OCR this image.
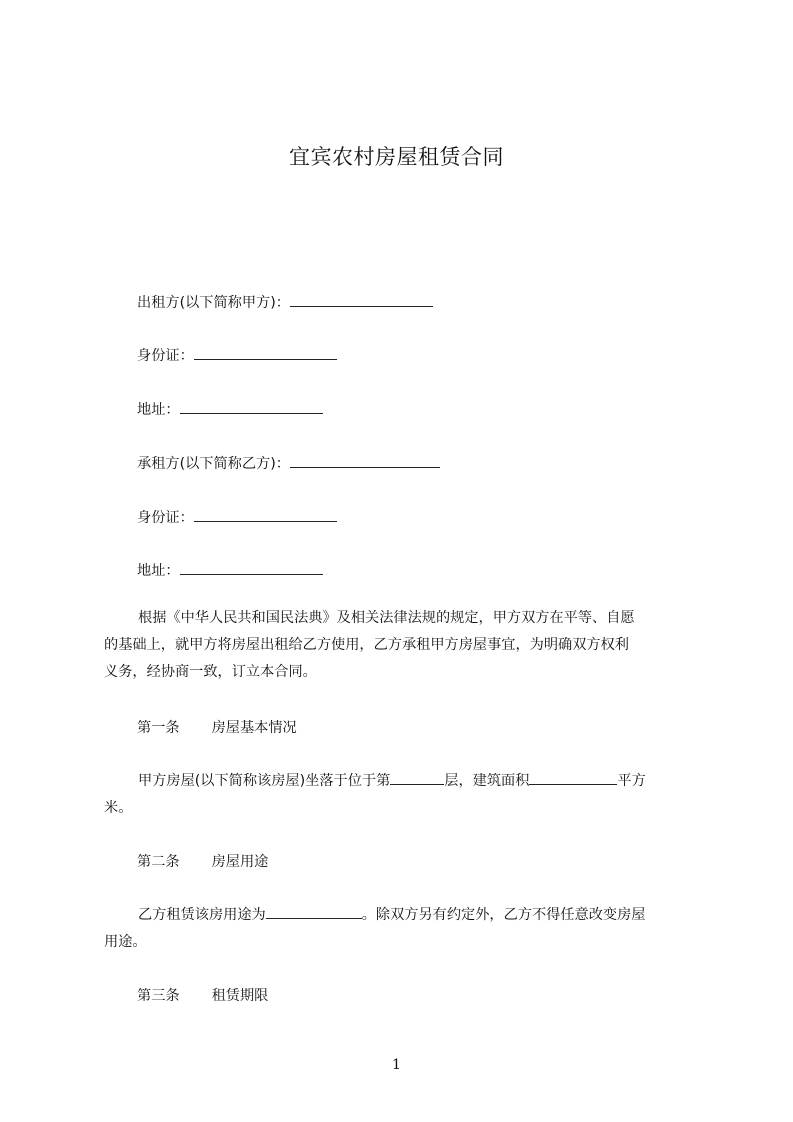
宜宾农村房屋租赁合同
出租方(以下简称甲方)：
身份证：
地址：
承租方(以下简称乙方)：
身份证：
地址：
根据《中华人民共和国民法典》及相关法律法规的规定，甲方双方在平等、自愿
的基础上，就甲方将房屋出租给乙方使用，乙方承租甲方房屋事宜，为明确双方权利
义务，经协商一致，订立本合同。
第一条 房屋基本情况
甲方房屋(以下简称该房屋)坐落于位于第	层，建筑面积	平方
米。
第二条 房屋用途
乙方租赁该房用途为	。除双方另有约定外，乙方不得任意改变房屋
用途。
第三条 租赁期限
1
